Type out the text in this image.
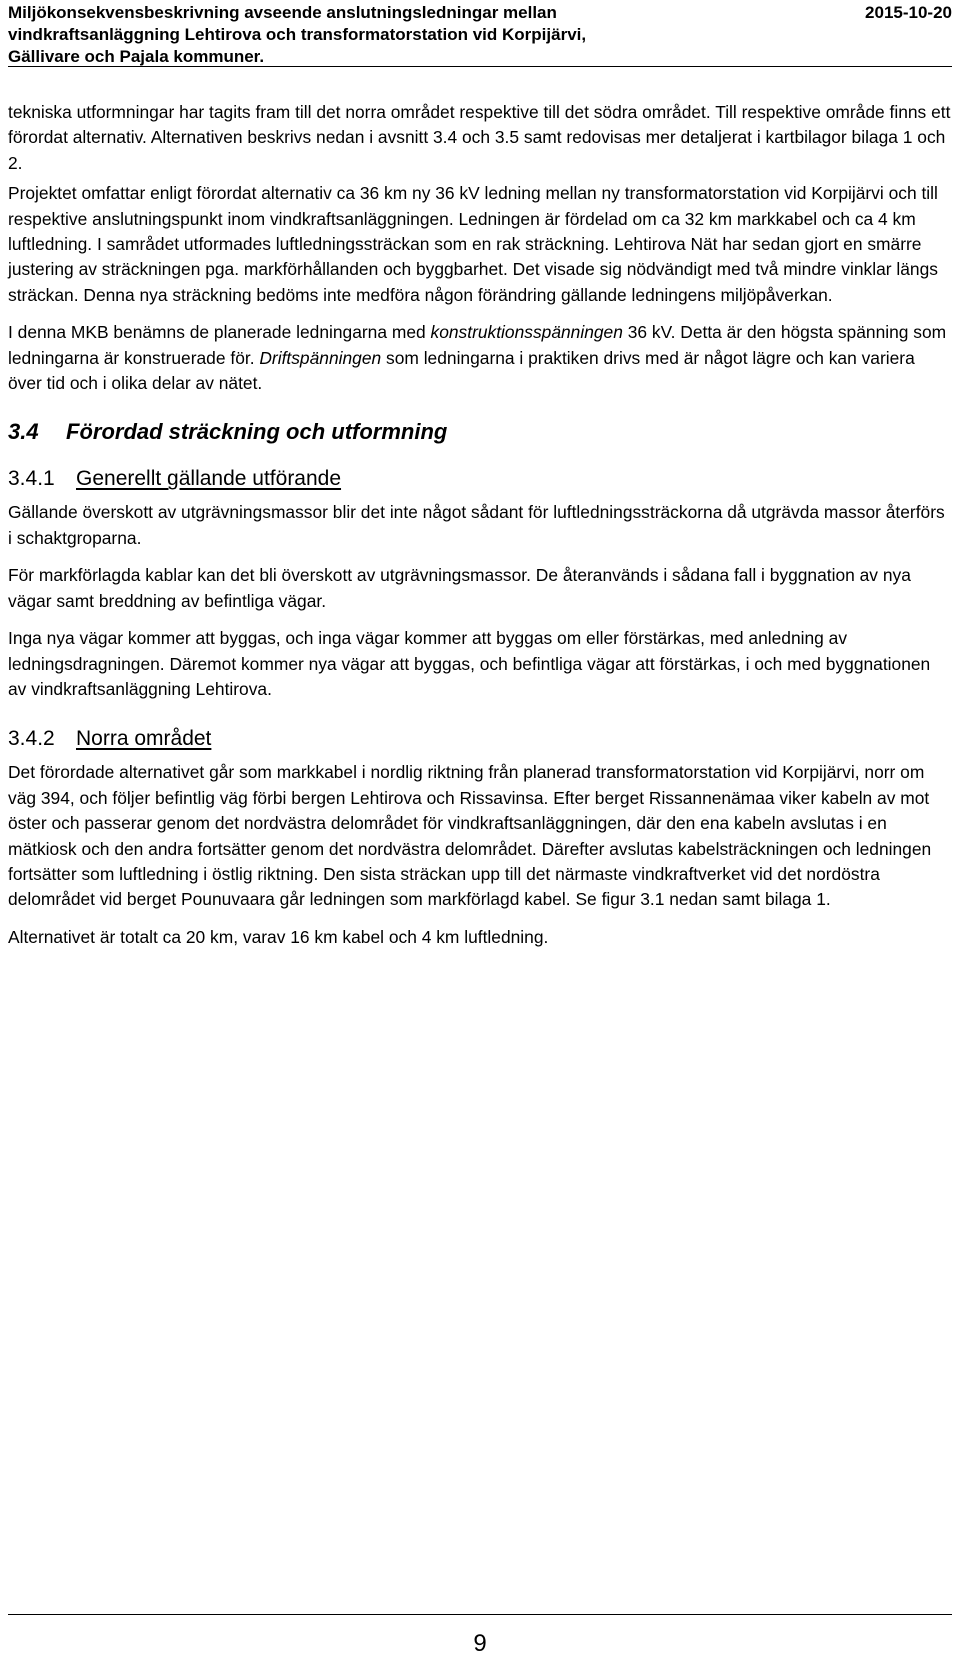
Miljökonsekvensbeskrivning avseende anslutningsledningar mellan
vindkraftsanläggning Lehtirova och transformatorstation vid Korpijärvi,
Gällivare och Pajala kommuner.
2015-10-20

tekniska utformningar har tagits fram till det norra området respektive till det södra området. Till respektive område finns ett förordat alternativ. Alternativen beskrivs nedan i avsnitt 3.4 och 3.5 samt redovisas mer detaljerat i kartbilagor bilaga 1 och 2.

Projektet omfattar enligt förordat alternativ ca 36 km ny 36 kV ledning mellan ny transformatorstation vid Korpijärvi och till respektive anslutningspunkt inom vindkraftsanläggningen. Ledningen är fördelad om ca 32 km markkabel och ca 4 km luftledning. I samrådet utformades luftledningssträckan som en rak sträckning. Lehtirova Nät har sedan gjort en smärre justering av sträckningen pga. markförhållanden och byggbarhet. Det visade sig nödvändigt med två mindre vinklar längs sträckan. Denna nya sträckning bedöms inte medföra någon förändring gällande ledningens miljöpåverkan.

I denna MKB benämns de planerade ledningarna med konstruktionsspänningen 36 kV. Detta är den högsta spänning som ledningarna är konstruerade för. Driftspänningen som ledningarna i praktiken drivs med är något lägre och kan variera över tid och i olika delar av nätet.

3.4 Förordad sträckning och utformning
3.4.1 Generellt gällande utförande

Gällande överskott av utgrävningsmassor blir det inte något sådant för luftledningssträckorna då utgrävda massor återförs i schaktgroparna.

För markförlagda kablar kan det bli överskott av utgrävningsmassor. De återanvänds i sådana fall i byggnation av nya vägar samt breddning av befintliga vägar.

Inga nya vägar kommer att byggas, och inga vägar kommer att byggas om eller förstärkas, med anledning av ledningsdragningen. Däremot kommer nya vägar att byggas, och befintliga vägar att förstärkas, i och med byggnationen av vindkraftsanläggning Lehtirova.

3.4.2 Norra området

Det förordade alternativet går som markkabel i nordlig riktning från planerad transformatorstation vid Korpijärvi, norr om väg 394, och följer befintlig väg förbi bergen Lehtirova och Rissavinsa. Efter berget Rissannenämaa viker kabeln av mot öster och passerar genom det nordvästra delområdet för vindkraftsanläggningen, där den ena kabeln avslutas i en mätkiosk och den andra fortsätter genom det nordvästra delområdet. Därefter avslutas kabelsträckningen och ledningen fortsätter som luftledning i östlig riktning. Den sista sträckan upp till det närmaste vindkraftverket vid det nordöstra delområdet vid berget Pounuvaara går ledningen som markförlagd kabel. Se figur 3.1 nedan samt bilaga 1.

Alternativet är totalt ca 20 km, varav 16 km kabel och 4 km luftledning.

9
